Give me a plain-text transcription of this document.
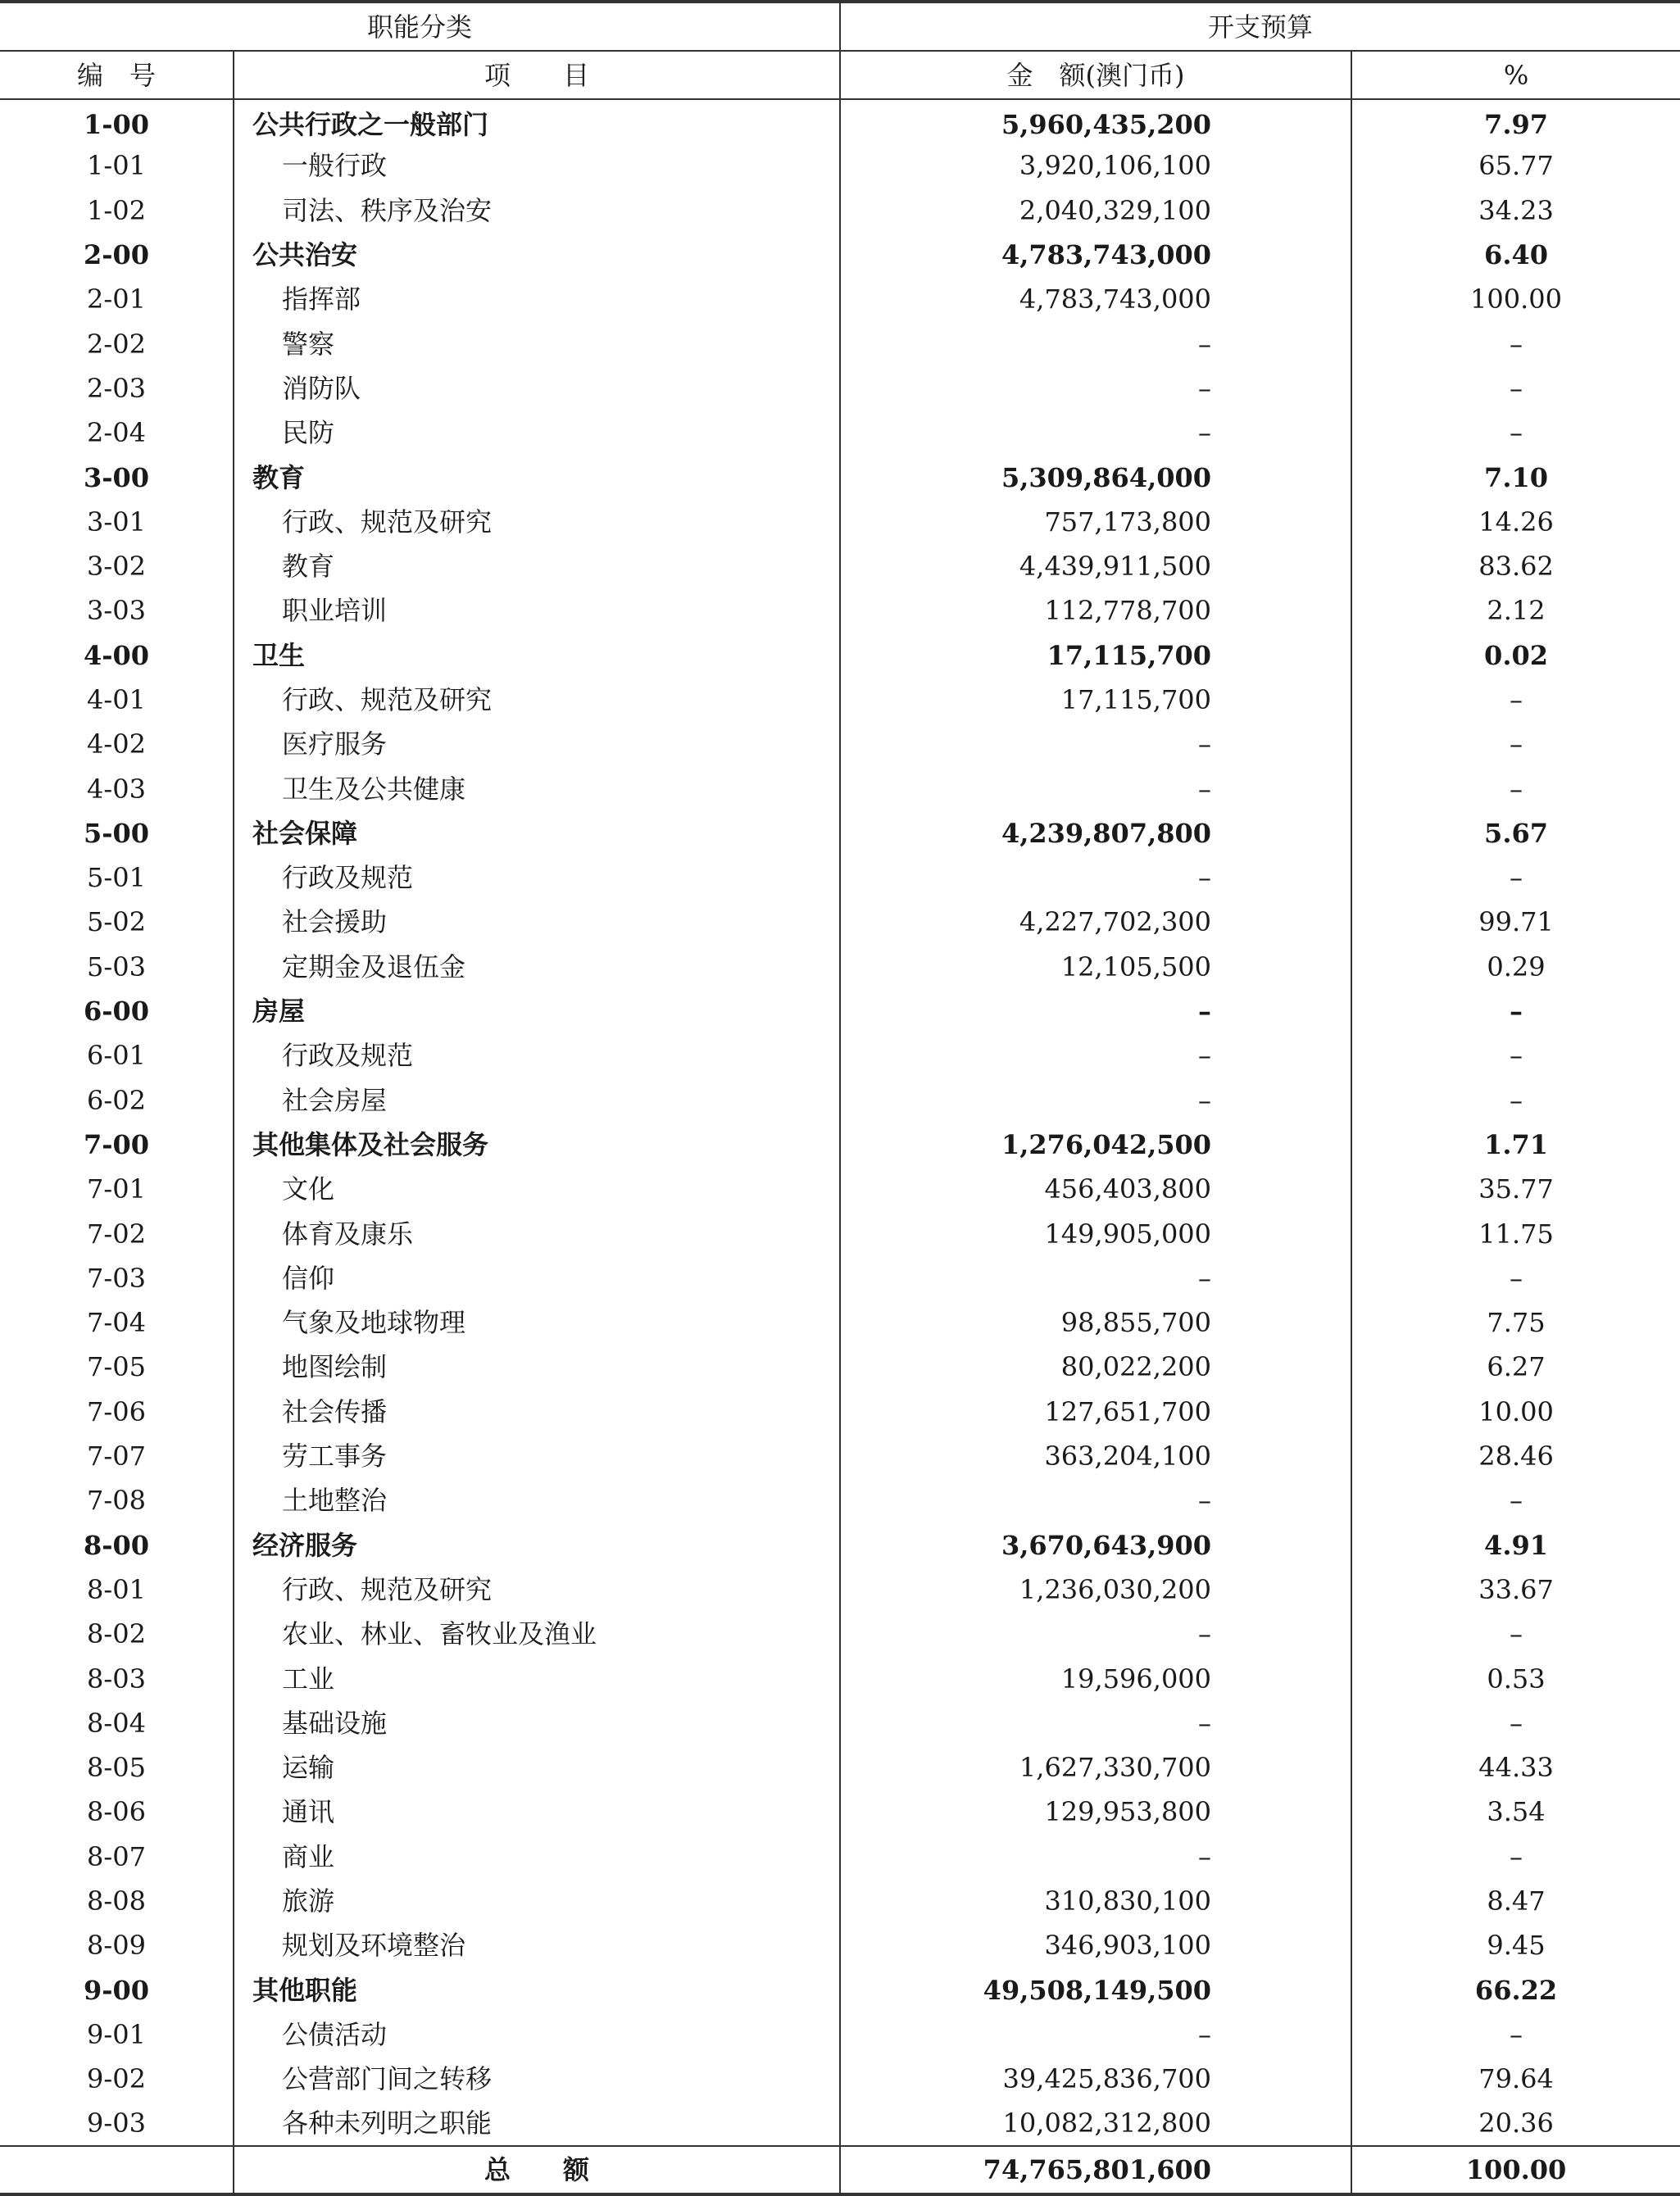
职能分类		开支预算	
编　号	项　　目	金　额(澳门币)	%
1-00	公共行政之一般部门	5,960,435,200	7.97
1-01	一般行政	3,920,106,100	65.77
1-02	司法、秩序及治安	2,040,329,100	34.23
2-00	公共治安	4,783,743,000	6.40
2-01	指挥部	4,783,743,000	100.00
2-02	警察	–	–
2-03	消防队	–	–
2-04	民防	–	–
3-00	教育	5,309,864,000	7.10
3-01	行政、规范及研究	757,173,800	14.26
3-02	教育	4,439,911,500	83.62
3-03	职业培训	112,778,700	2.12
4-00	卫生	17,115,700	0.02
4-01	行政、规范及研究	17,115,700	–
4-02	医疗服务	–	–
4-03	卫生及公共健康	–	–
5-00	社会保障	4,239,807,800	5.67
5-01	行政及规范	–	–
5-02	社会援助	4,227,702,300	99.71
5-03	定期金及退伍金	12,105,500	0.29
6-00	房屋	–	–
6-01	行政及规范	–	–
6-02	社会房屋	–	–
7-00	其他集体及社会服务	1,276,042,500	1.71
7-01	文化	456,403,800	35.77
7-02	体育及康乐	149,905,000	11.75
7-03	信仰	–	–
7-04	气象及地球物理	98,855,700	7.75
7-05	地图绘制	80,022,200	6.27
7-06	社会传播	127,651,700	10.00
7-07	劳工事务	363,204,100	28.46
7-08	土地整治	–	–
8-00	经济服务	3,670,643,900	4.91
8-01	行政、规范及研究	1,236,030,200	33.67
8-02	农业、林业、畜牧业及渔业	–	–
8-03	工业	19,596,000	0.53
8-04	基础设施	–	–
8-05	运输	1,627,330,700	44.33
8-06	通讯	129,953,800	3.54
8-07	商业	–	–
8-08	旅游	310,830,100	8.47
8-09	规划及环境整治	346,903,100	9.45
9-00	其他职能	49,508,149,500	66.22
9-01	公债活动	–	–
9-02	公营部门间之转移	39,425,836,700	79.64
9-03	各种未列明之职能	10,082,312,800	20.36
	总　　额	74,765,801,600	100.00
